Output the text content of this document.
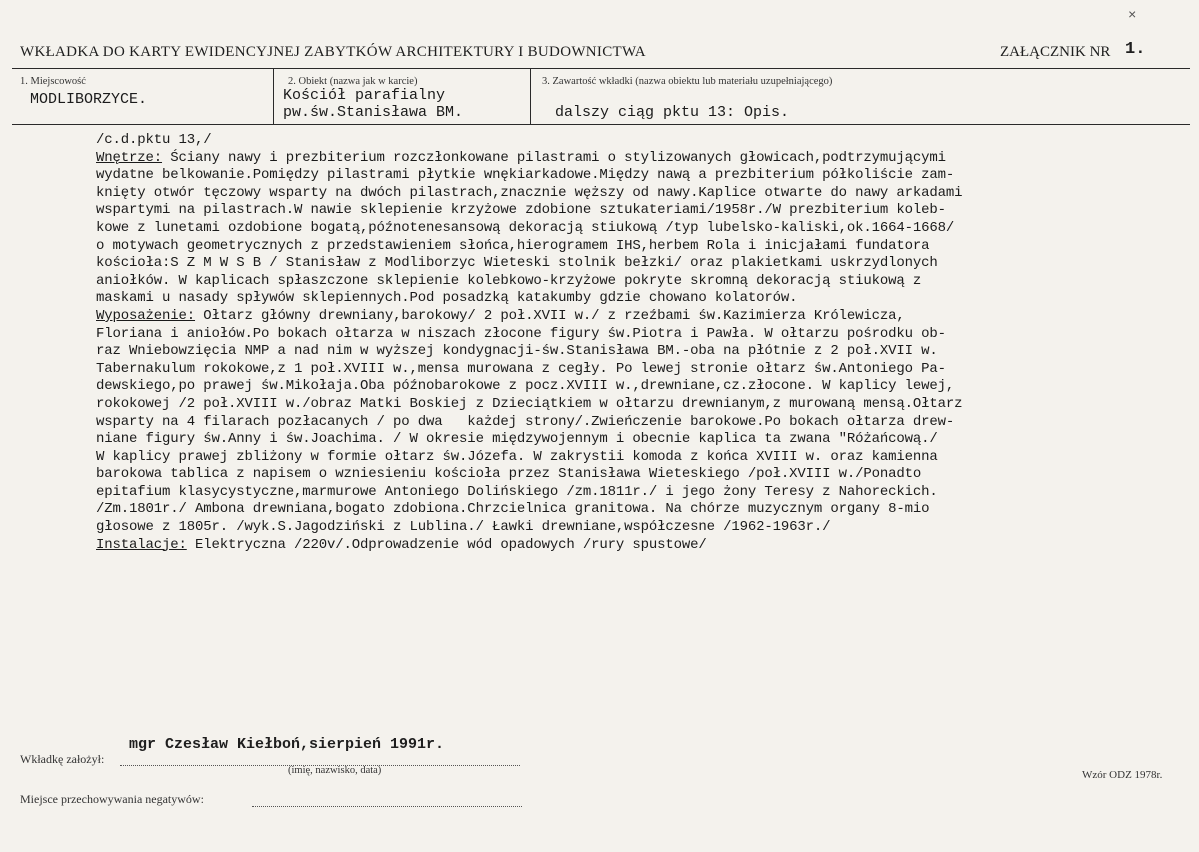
×
WKŁADKA DO KARTY EWIDENCYJNEJ ZABYTKÓW ARCHITEKTURY I BUDOWNICTWA	ZAŁĄCZNIK NR 1.
1. Miejscowość
MODLIBORZYCE.
2. Obiekt (nazwa jak w karcie)
Kościół parafialny
pw.św.Stanisława BM.
3. Zawartość wkładki (nazwa obiektu lub materiału uzupełniającego)
dalszy ciąg pktu 13: Opis.
/c.d.pktu 13,/
Wnętrze: Ściany nawy i prezbiterium rozczłonkowane pilastrami o stylizowanych głowicach,podtrzymującymi
wydatne belkowanie.Pomiędzy pilastrami płytkie wnękiarkadowe.Między nawą a prezbiterium półkoliście zam-
knięty otwór tęczowy wsparty na dwóch pilastrach,znacznie węższy od nawy.Kaplice otwarte do nawy arkadami
wspartymi na pilastrach.W nawie sklepienie krzyżowe zdobione sztukateriami/1958r./W prezbiterium koleb-
kowe z lunetami ozdobione bogatą,późnotenesansową dekoracją stiukową /typ lubelsko-kaliski,ok.1664-1668/
o motywach geometrycznych z przedstawieniem słońca,hierogramem IHS,herbem Rola i inicjałami fundatora
kościoła:S Z M W S B / Stanisław z Modliborzyc Wieteski stolnik bełzki/ oraz plakietkami uskrzydlonych
aniołków. W kaplicach spłaszczone sklepienie kolebkowo-krzyżowe pokryte skromną dekoracją stiukową z
maskami u nasady spływów sklepiennych.Pod posadzką katakumby gdzie chowano kolatorów.
Wyposażenie: Ołtarz główny drewniany,barokowy/ 2 poł.XVII w./ z rzeźbami św.Kazimierza Królewicza,
Floriana i aniołów.Po bokach ołtarza w niszach złocone figury św.Piotra i Pawła. W ołtarzu pośrodku ob-
raz Wniebowzięcia NMP a nad nim w wyższej kondygnacji-św.Stanisława BM.-oba na płótnie z 2 poł.XVII w.
Tabernakulum rokokowe,z 1 poł.XVIII w.,mensa murowana z cegły. Po lewej stronie ołtarz św.Antoniego Pa-
dewskiego,po prawej św.Mikołaja.Oba późnobarokowe z pocz.XVIII w.,drewniane,cz.złocone. W kaplicy lewej,
rokokowej /2 poł.XVIII w./obraz Matki Boskiej z Dzieciątkiem w ołtarzu drewnianym,z murowaną mensą.Ołtarz
wsparty na 4 filarach pozłacanych / po dwa   każdej strony/.Zwieńczenie barokowe.Po bokach ołtarza drew-
niane figury św.Anny i św.Joachima. / W okresie międzywojennym i obecnie kaplica ta zwana "Różańcową./
W kaplicy prawej zbliżony w formie ołtarz św.Józefa. W zakrystii komoda z końca XVIII w. oraz kamienna
barokowa tablica z napisem o wzniesieniu kościoła przez Stanisława Wieteskiego /poł.XVIII w./Ponadto
epitafium klasycystyczne,marmurowe Antoniego Dolińskiego /zm.1811r./ i jego żony Teresy z Nahoreckich.
/Zm.1801r./ Ambona drewniana,bogato zdobiona.Chrzcielnica granitowa. Na chórze muzycznym organy 8-mio
głosowe z 1805r. /wyk.S.Jagodziński z Lublina./ Ławki drewniane,współczesne /1962-1963r./
Instalacje: Elektryczna /220v/.Odprowadzenie wód opadowych /rury spustowe/
mgr Czesław Kiełboń,sierpień 1991r.
Wkładkę założył:
(imię, nazwisko, data)	Wzór ODZ 1978r.
Miejsce przechowywania negatywów:
